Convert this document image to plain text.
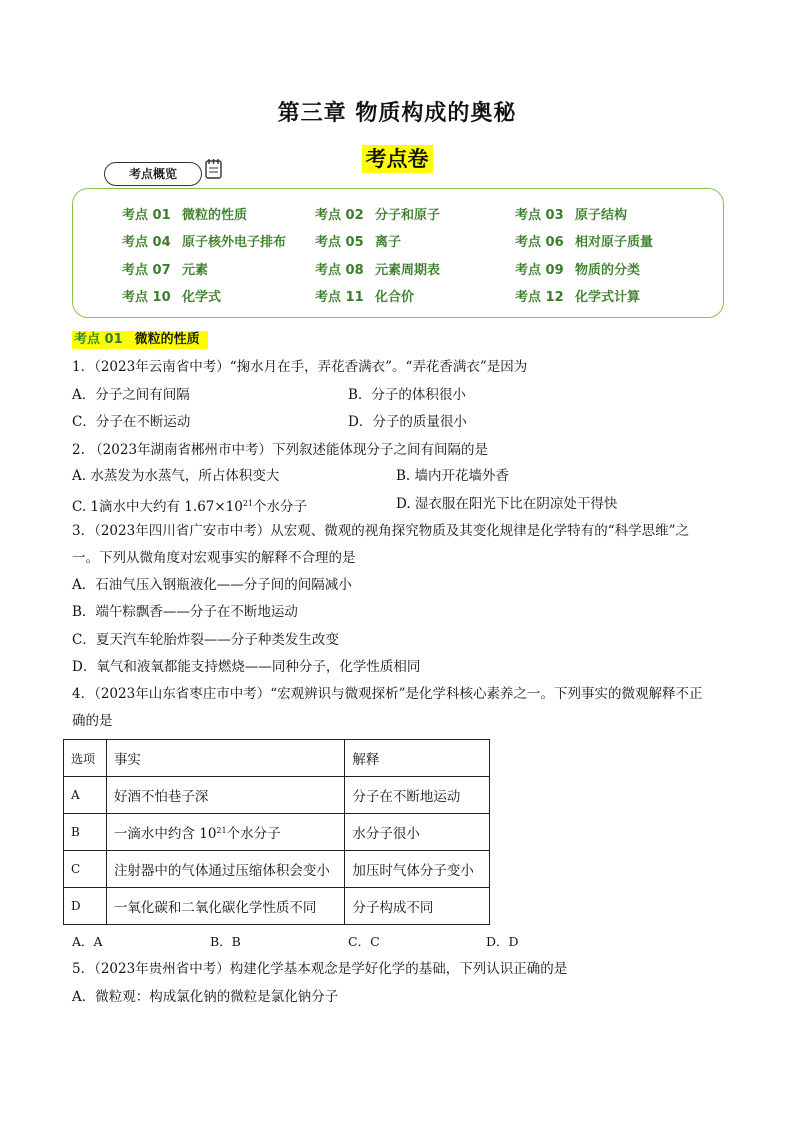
第三章 物质构成的奥秘
考点卷
考点概览
考点 01 微粒的性质	考点 02 分子和原子	考点 03 原子结构
考点 04 原子核外电子排布 考点 05 离子	考点 06 相对原子质量
考点 07 元素	考点 08 元素周期表	考点 09 物质的分类
考点 10 化学式	考点 11 化合价	考点 12 化学式计算
考点 01 微粒的性质
1．（2023年云南省中考）“掬水月在手，弄花香满衣”。“弄花香满衣”是因为
A．分子之间有间隔	B．分子的体积很小
C．分子在不断运动	D．分子的质量很小
2. （2023年湖南省郴州市中考）下列叙述能体现分子之间有间隔的是
A. 水蒸发为水蒸气，所占体积变大	B. 墙内开花墙外香
C. 1滴水中大约有 $1.67\times 10^{21}$个水分子	D. 湿衣服在阳光下比在阴凉处干得快
3．（2023年四川省广安市中考）从宏观、微观的视角探究物质及其变化规律是化学特有的“科学思维”之
一。下列从微角度对宏观事实的解释不合理的是
A．石油气压入钢瓶液化——分子间的间隔减小
B．端午粽飘香——分子在不断地运动
C．夏天汽车轮胎炸裂——分子种类发生改变
D．氧气和液氧都能支持燃烧——同种分子，化学性质相同
4．（2023年山东省枣庄市中考）“宏观辨识与微观探析”是化学科核心素养之一。下列事实的微观解释不正
确的是
选项	事实	解释
A	好酒不怕巷子深	分子在不断地运动
B	一滴水中约含 $10^{21}$个水分子	水分子很小
C	注射器中的气体通过压缩体积会变小	加压时气体分子变小
D	一氧化碳和二氧化碳化学性质不同	分子构成不同
A．A	B．B	C．C	D．D
5．（2023年贵州省中考）构建化学基本观念是学好化学的基础，下列认识正确的是
A．微粒观：构成氯化钠的微粒是氯化钠分子
